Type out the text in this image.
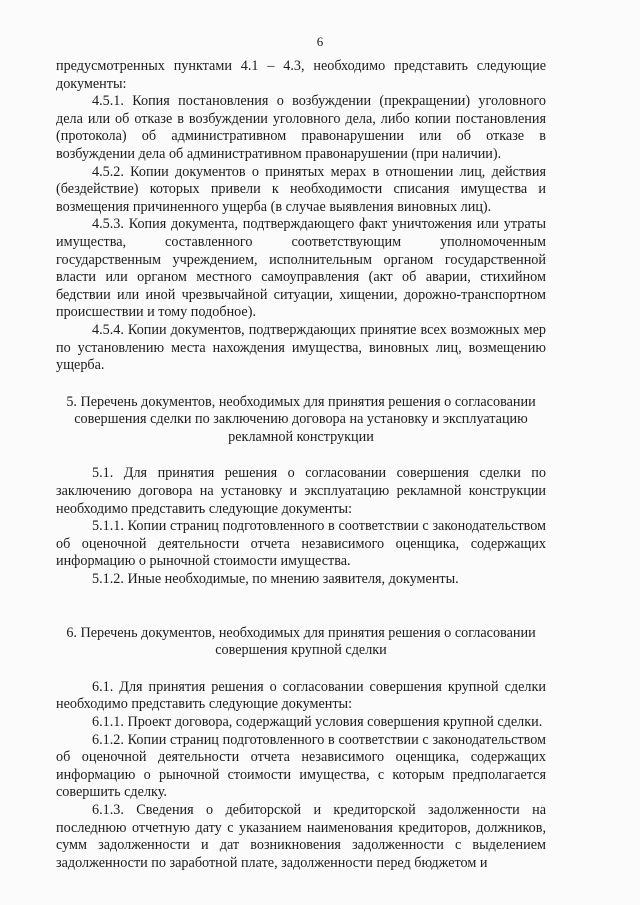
6

предусмотренных пунктами 4.1 – 4.3, необходимо представить следующие документы:

4.5.1. Копия постановления о возбуждении (прекращении) уголовного дела или об отказе в возбуждении уголовного дела, либо копии постановления (протокола) об административном правонарушении или об отказе в возбуждении дела об административном правонарушении (при наличии).

4.5.2. Копии документов о принятых мерах в отношении лиц, действия (бездействие) которых привели к необходимости списания имущества и возмещения причиненного ущерба (в случае выявления виновных лиц).

4.5.3. Копия документа, подтверждающего факт уничтожения или утраты имущества, составленного соответствующим уполномоченным государственным учреждением, исполнительным органом государственной власти или органом местного самоуправления (акт об аварии, стихийном бедствии или иной чрезвычайной ситуации, хищении, дорожно-транспортном происшествии и тому подобное).

4.5.4. Копии документов, подтверждающих принятие всех возможных мер по установлению места нахождения имущества, виновных лиц, возмещению ущерба.

5. Перечень документов, необходимых для принятия решения о согласовании совершения сделки по заключению договора на установку и эксплуатацию рекламной конструкции

5.1. Для принятия решения о согласовании совершения сделки по заключению договора на установку и эксплуатацию рекламной конструкции необходимо представить следующие документы:

5.1.1. Копии страниц подготовленного в соответствии с законодательством об оценочной деятельности отчета независимого оценщика, содержащих информацию о рыночной стоимости имущества.

5.1.2. Иные необходимые, по мнению заявителя, документы.

6. Перечень документов, необходимых для принятия решения о согласовании совершения крупной сделки

6.1. Для принятия решения о согласовании совершения крупной сделки необходимо представить следующие документы:

6.1.1. Проект договора, содержащий условия совершения крупной сделки.

6.1.2. Копии страниц подготовленного в соответствии с законодательством об оценочной деятельности отчета независимого оценщика, содержащих информацию о рыночной стоимости имущества, с которым предполагается совершить сделку.

6.1.3. Сведения о дебиторской и кредиторской задолженности на последнюю отчетную дату с указанием наименования кредиторов, должников, сумм задолженности и дат возникновения задолженности с выделением задолженности по заработной плате, задолженности перед бюджетом и
